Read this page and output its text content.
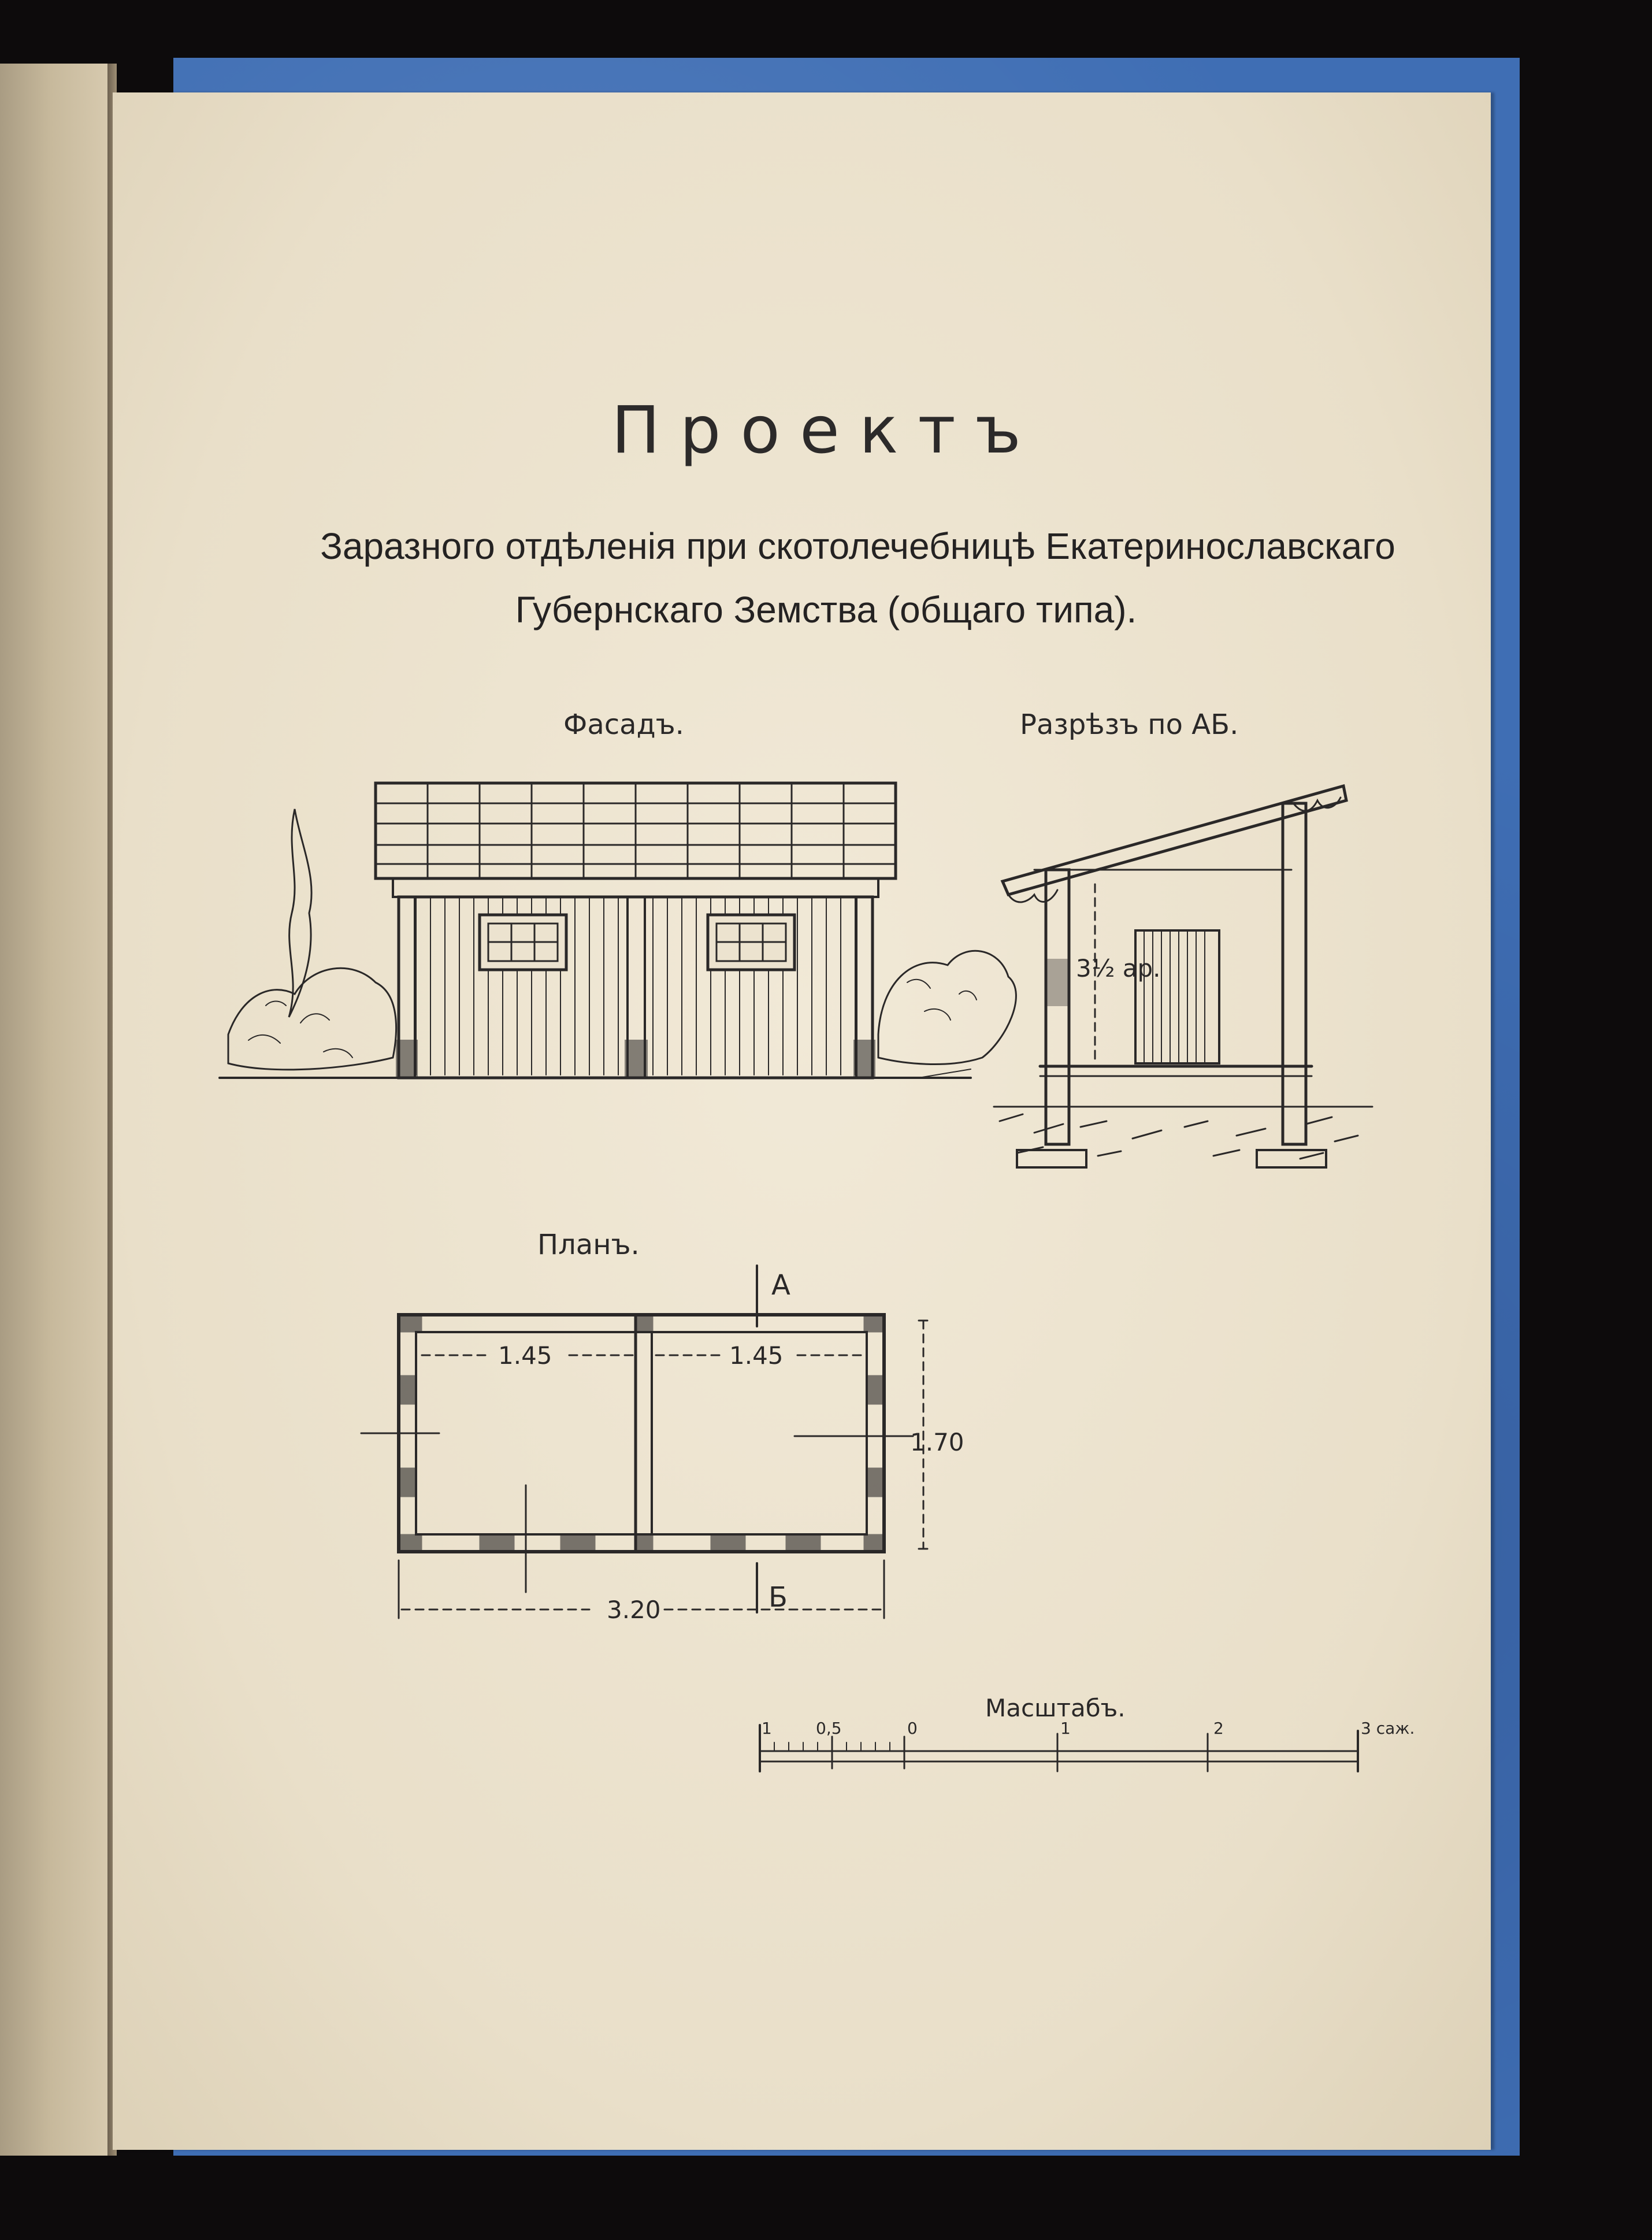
Проектъ
Заразного отдѣленія при скотолечебницѣ Екатеринославскаго
Губернскаго Земства (общаго типа).
Фасадъ.	Разрѣзъ по АБ.
3½ ар.
Планъ.
А
Б
1.45	1.45
1.70
3.20
Масштабъ.
1	0,5	0	1	2	3 саж.
